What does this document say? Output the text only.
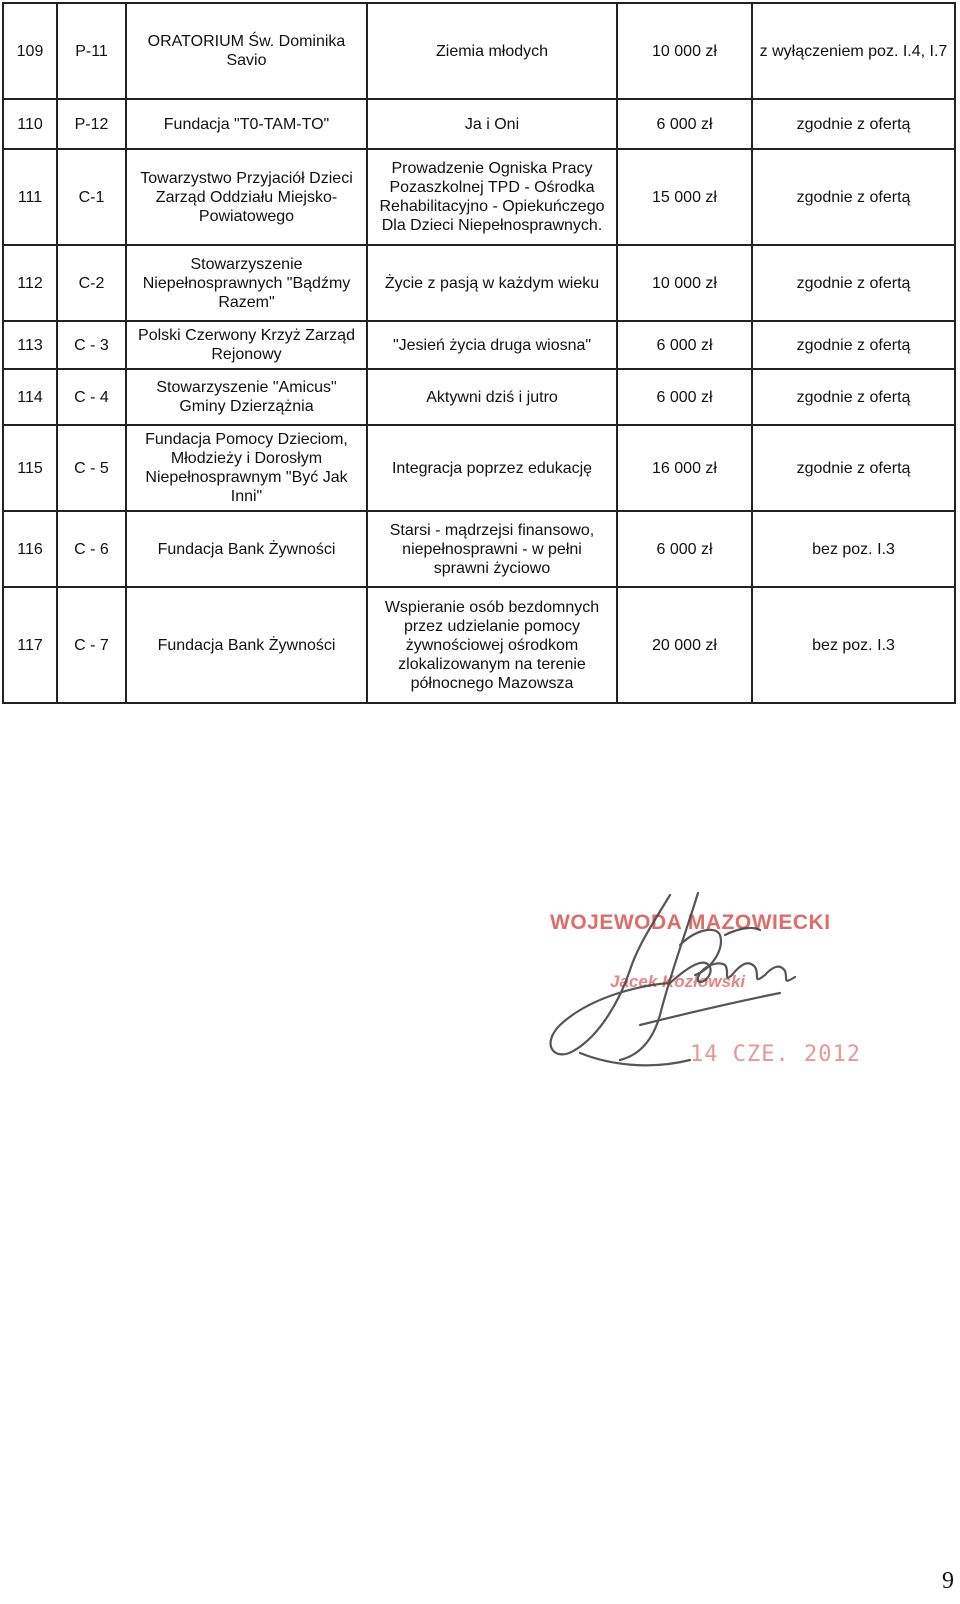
109	P-11	ORATORIUM Św. Dominika Savio	Ziemia młodych	10 000 zł	z wyłączeniem poz. I.4, I.7
110	P-12	Fundacja "T0-TAM-TO"	Ja i Oni	6 000 zł	zgodnie z ofertą
111	C-1	Towarzystwo Przyjaciół Dzieci Zarząd Oddziału Miejsko-Powiatowego	Prowadzenie Ogniska Pracy Pozaszkolnej TPD - Ośrodka Rehabilitacyjno - Opiekuńczego Dla Dzieci Niepełnosprawnych.	15 000 zł	zgodnie z ofertą
112	C-2	Stowarzyszenie Niepełnosprawnych "Bądźmy Razem"	Życie z pasją w każdym wieku	10 000 zł	zgodnie z ofertą
113	C - 3	Polski Czerwony Krzyż Zarząd Rejonowy	"Jesień życia druga wiosna"	6 000 zł	zgodnie z ofertą
114	C - 4	Stowarzyszenie "Amicus" Gminy Dzierzążnia	Aktywni dziś i jutro	6 000 zł	zgodnie z ofertą
115	C - 5	Fundacja Pomocy Dzieciom, Młodzieży i Dorosłym Niepełnosprawnym "Być Jak Inni"	Integracja poprzez edukację	16 000 zł	zgodnie z ofertą
116	C - 6	Fundacja Bank Żywności	Starsi - mądrzejsi finansowo, niepełnosprawni - w pełni sprawni życiowo	6 000 zł	bez poz. I.3
117	C - 7	Fundacja Bank Żywności	Wspieranie osób bezdomnych przez udzielanie pomocy żywnościowej ośrodkom zlokalizowanym na terenie północnego Mazowsza	20 000 zł	bez poz. I.3
WOJEWODA MAZOWIECKI
Jacek Kozłowski
14 CZE. 2012
9
